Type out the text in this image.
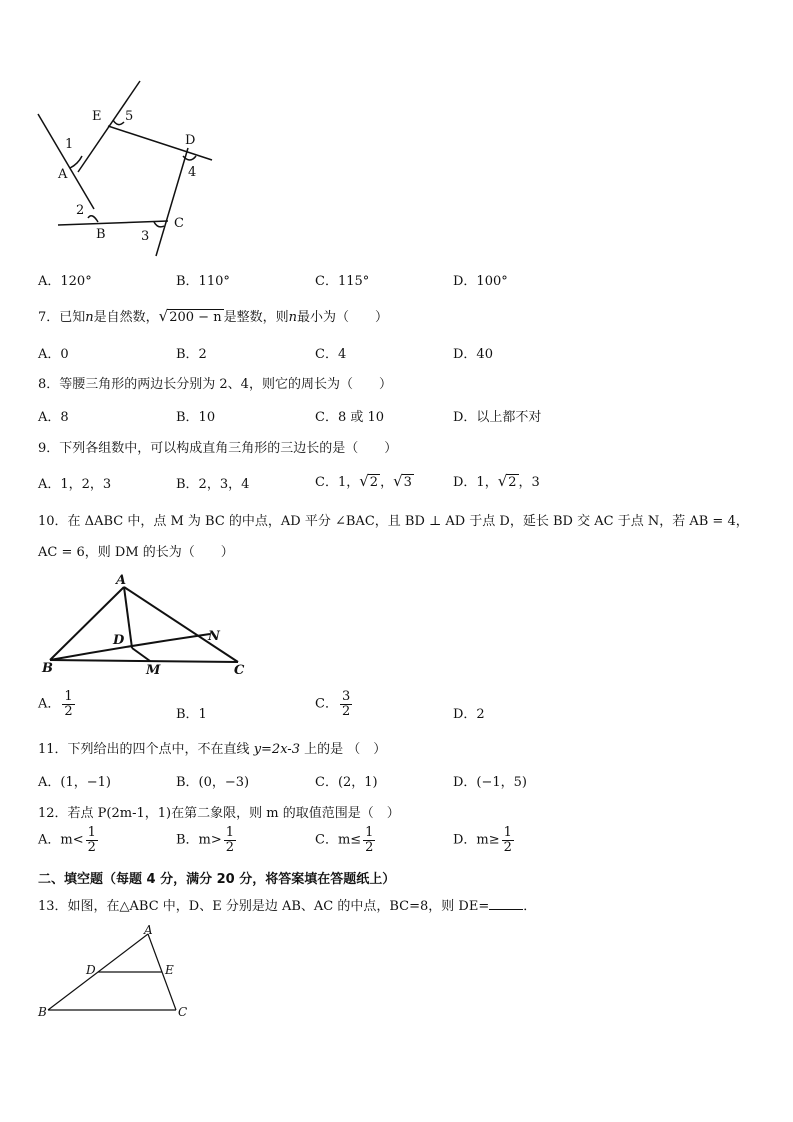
E 5
1
A
D
4
2
B	3
C
A．120°	B．110°	C．115°	D．100°
7．已知n是自然数，√200 − n 是整数，则n最小为（　　）
A．0	B．2	C．4	D．40
8．等腰三角形的两边长分别为 2、4，则它的周长为（　　）
A．8	B．10	C．8 或 10	D．以上都不对
9．下列各组数中，可以构成直角三角形的三边长的是（　　）
A．1，2，3	B．2，3，4	C．1，√2 ，√3	D．1，√2 ，3
10．在 ΔABC 中，点 M 为 BC 的中点，AD 平分 ∠BAC，且 BD ⊥ AD 于点 D，延长 BD 交 AC 于点 N，若 AB = 4，
AC = 6，则 DM 的长为（　　）
A
D	N
B	M	C
A． $\frac{1}{2}$	B．1
C． $\frac{3}{2}$	D．2
11．下列给出的四个点中，不在直线 y=2x-3 上的是 （　）
A．(1，−1)	B．(0，−3)	C．(2，1)	D．(−1，5)
12．若点 P(2m-1，1)在第二象限，则 m 的取值范围是（　）
A．$m< \frac{1}{2}$	B．$m> \frac{1}{2}$	C．$m\le \frac{1}{2}$	D．$m\ge \frac{1}{2}$
二、填空题（每题 4 分，满分 20 分，将答案填在答题纸上）
13．如图，在△ABC 中，D、E 分别是边 AB、AC 的中点，BC=8，则 DE=	．
A
D	E
B	C
